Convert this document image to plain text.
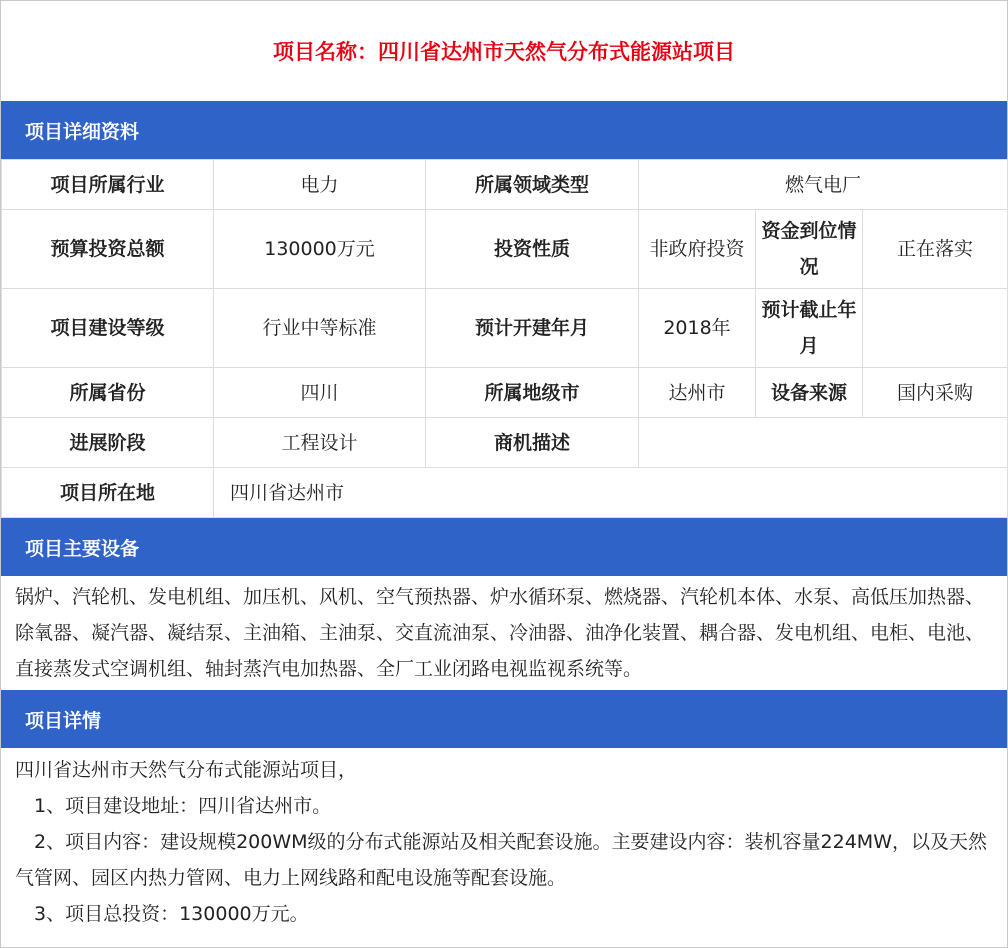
项目名称：四川省达州市天然气分布式能源站项目
项目详细资料
项目所属行业	电力	所属领域类型	燃气电厂		
预算投资总额	130000万元	投资性质	非政府投资	资金到位情况	正在落实
项目建设等级	行业中等标准	预计开建年月	2018年	预计截止年月	
所属省份	四川	所属地级市	达州市	设备来源	国内采购
进展阶段	工程设计	商机描述			
项目所在地	四川省达州市				
项目主要设备
锅炉、汽轮机、发电机组、加压机、风机、空气预热器、炉水循环泵、燃烧器、汽轮机本体、水泵、高低压加热器、除氧器、凝汽器、凝结泵、主油箱、主油泵、交直流油泵、冷油器、油净化装置、耦合器、发电机组、电柜、电池、直接蒸发式空调机组、轴封蒸汽电加热器、全厂工业闭路电视监视系统等。
项目详情

四川省达州市天然气分布式能源站项目，

　1、项目建设地址：四川省达州市。

　2、项目内容：建设规模200WM级的分布式能源站及相关配套设施。主要建设内容：装机容量224MW，以及天然气管网、园区内热力管网、电力上网线路和配电设施等配套设施。

　3、项目总投资：130000万元。
